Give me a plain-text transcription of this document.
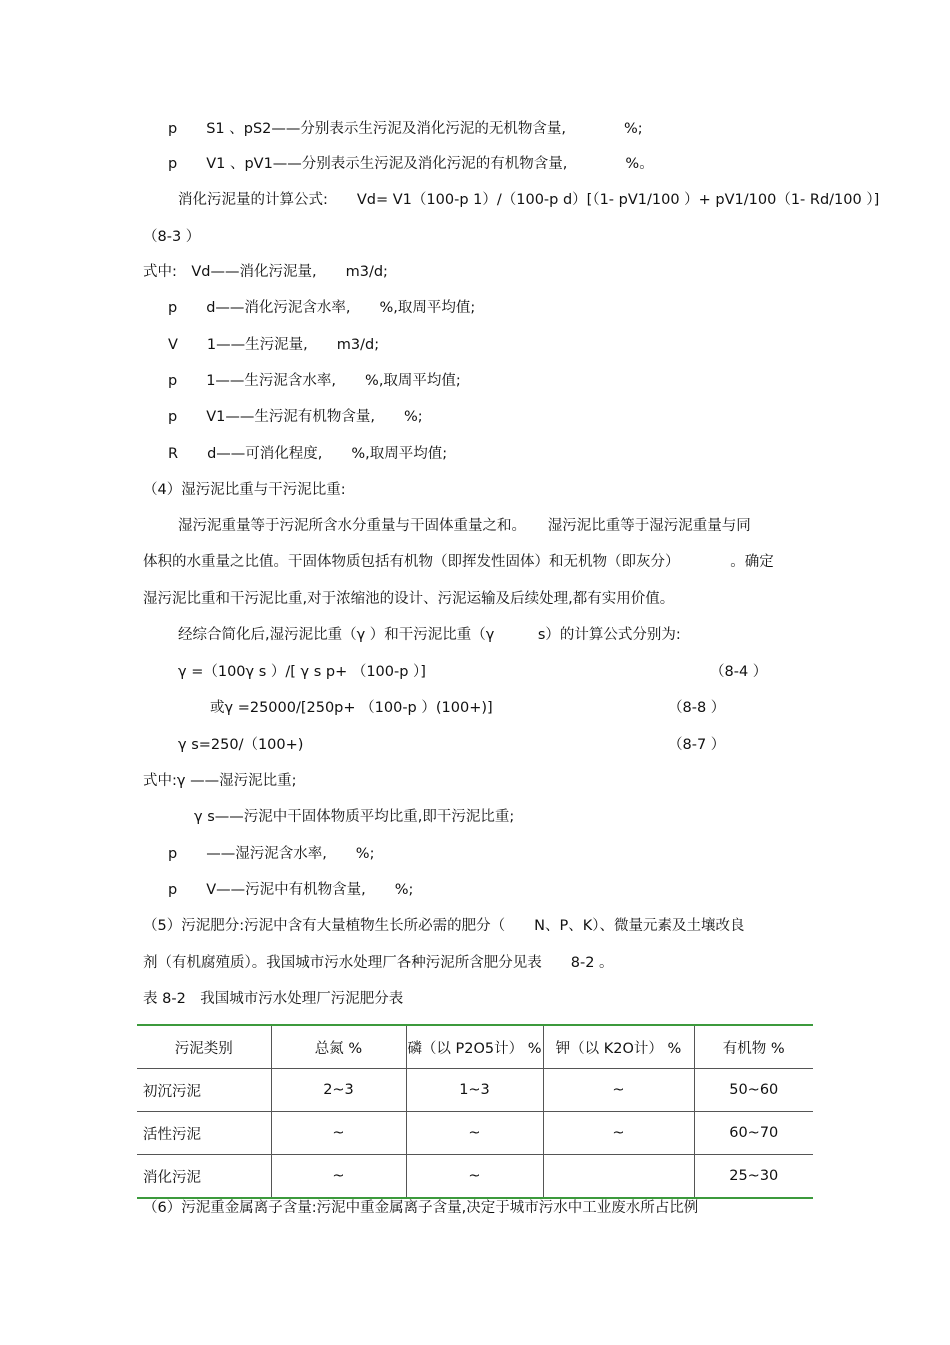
p　　S1 、pS2——分别表示生污泥及消化污泥的无机物含量,　　　　%;
p　　V1 、pV1——分别表示生污泥及消化污泥的有机物含量,　　　　%。
消化污泥量的计算公式:　　Vd= V1（100-p 1）/（100-p d）[（1- pV1/100 ）+ pV1/100（1- Rd/100 ）]
（8-3 ）
式中:　Vd——消化污泥量,　　m3/d;
p　　d——消化污泥含水率,　　%,取周平均值;
V　　1——生污泥量,　　m3/d;
p　　1——生污泥含水率,　　%,取周平均值;
p　　V1——生污泥有机物含量,　　%;
R　　d——可消化程度,　　%,取周平均值;
（4）湿污泥比重与干污泥比重:
湿污泥重量等于污泥所含水分重量与干固体重量之和。　　湿污泥比重等于湿污泥重量与同
体积的水重量之比值。干固体物质包括有机物（即挥发性固体）和无机物（即灰分）　　　　。确定
湿污泥比重和干污泥比重,对于浓缩池的设计、污泥运输及后续处理,都有实用价值。
经综合简化后,湿污泥比重（γ ）和干污泥比重（γ　　　s）的计算公式分别为:
γ =（100γ s ）/[ γ s p+ （100-p ）]
或γ =25000/[250p+ （100-p ）(100+)]
γ s=250/（100+)
式中:γ ——湿污泥比重;
γ s——污泥中干固体物质平均比重,即干污泥比重;
p　　——湿污泥含水率,　　%;
p　　V——污泥中有机物含量,　　%;
（5）污泥肥分:污泥中含有大量植物生长所必需的肥分（　　N、P、K）、微量元素及土壤改良
剂（有机腐殖质）。我国城市污水处理厂各种污泥所含肥分见表　　8-2 。
表 8-2　我国城市污水处理厂污泥肥分表
（6）污泥重金属离子含量:污泥中重金属离子含量,决定于城市污水中工业废水所占比例
（8-4 ）
（8-8 ）
（8-7 ）
污泥类别	总氮 %	磷（以 P2O5计） %	钾（以 K2O计） %	有机物 %
初沉污泥	2~3	1~3	~	50~60
活性污泥	~	~	~	60~70
消化污泥	~	~		25~30
